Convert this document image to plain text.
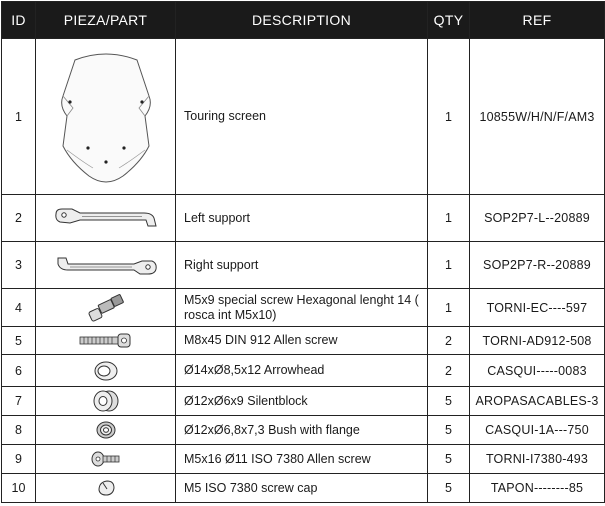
ID	PIEZA/PART	DESCRIPTION	QTY	REF
1		Touring screen	1	10855W/H/N/F/AM3
2		Left support	1	SOP2P7-L--20889
3		Right support	1	SOP2P7-R--20889
4		M5x9 special screw Hexagonal lenght 14 ( rosca int M5x10)	1	TORNI-EC----597
5		M8x45 DIN 912 Allen screw	2	TORNI-AD912-508
6		Ø14xØ8,5x12 Arrowhead	2	CASQUI-----0083
7		Ø12xØ6x9 Silentblock	5	AROPASACABLES-3
8		Ø12xØ6,8x7,3 Bush with flange	5	CASQUI-1A---750
9		M5x16 Ø11 ISO 7380 Allen screw	5	TORNI-I7380-493
10		M5 ISO 7380 screw cap	5	TAPON--------85
